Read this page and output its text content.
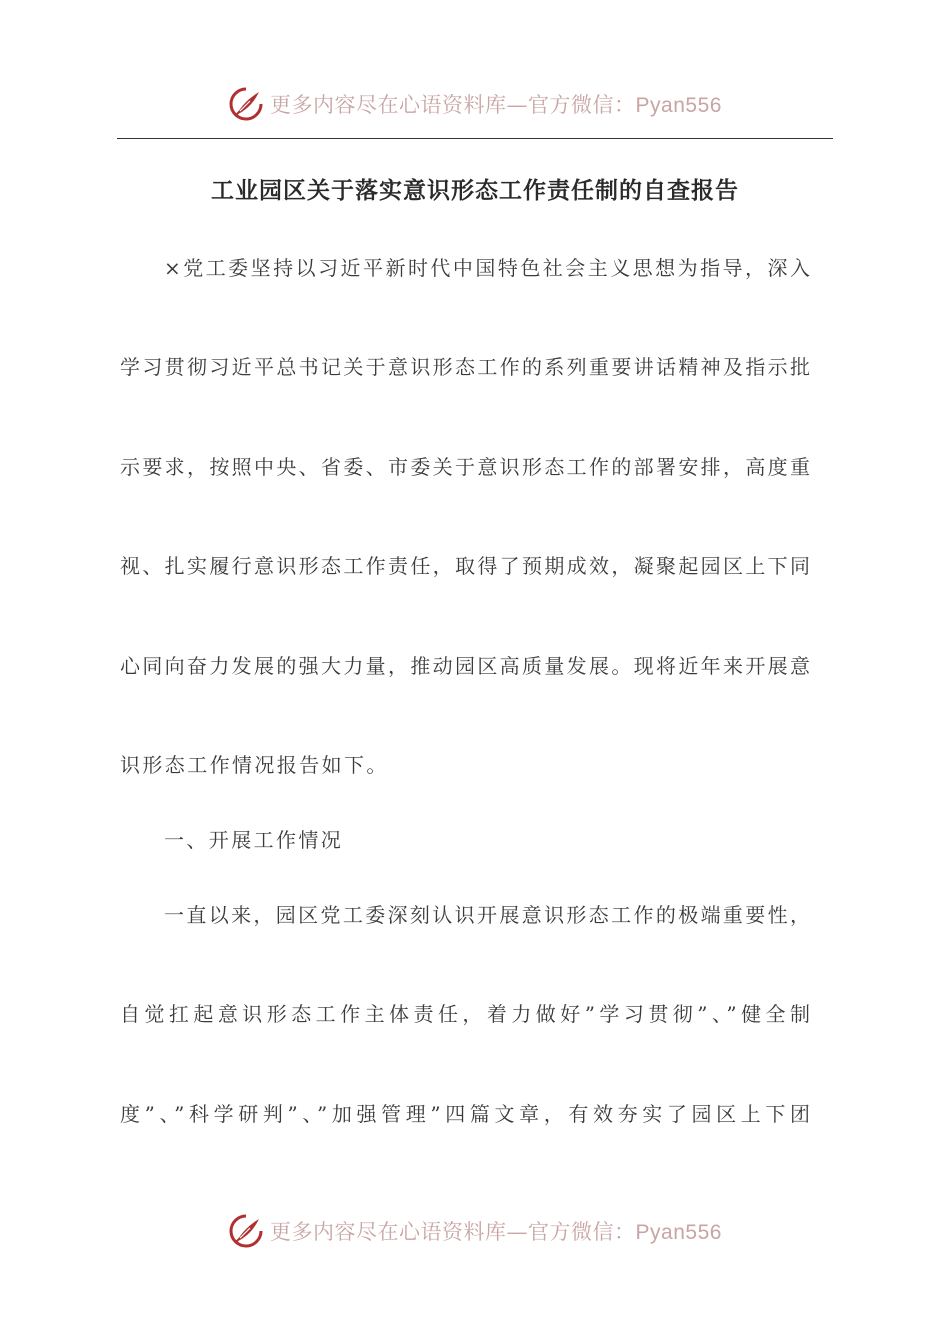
更多内容尽在心语资料库—官方微信：Pyan556
工业园区关于落实意识形态工作责任制的自查报告
×党工委坚持以习近平新时代中国特色社会主义思想为指导，深入
学习贯彻习近平总书记关于意识形态工作的系列重要讲话精神及指示批
示要求，按照中央、省委、市委关于意识形态工作的部署安排，高度重
视、扎实履行意识形态工作责任，取得了预期成效，凝聚起园区上下同
心同向奋力发展的强大力量，推动园区高质量发展。现将近年来开展意
识形态工作情况报告如下。
一、开展工作情况
一直以来，园区党工委深刻认识开展意识形态工作的极端重要性，
自觉扛起意识形态工作主体责任，着力做好”学习贯彻”、”健全制
度”、”科学研判”、”加强管理”四篇文章，有效夯实了园区上下团
更多内容尽在心语资料库—官方微信：Pyan556
